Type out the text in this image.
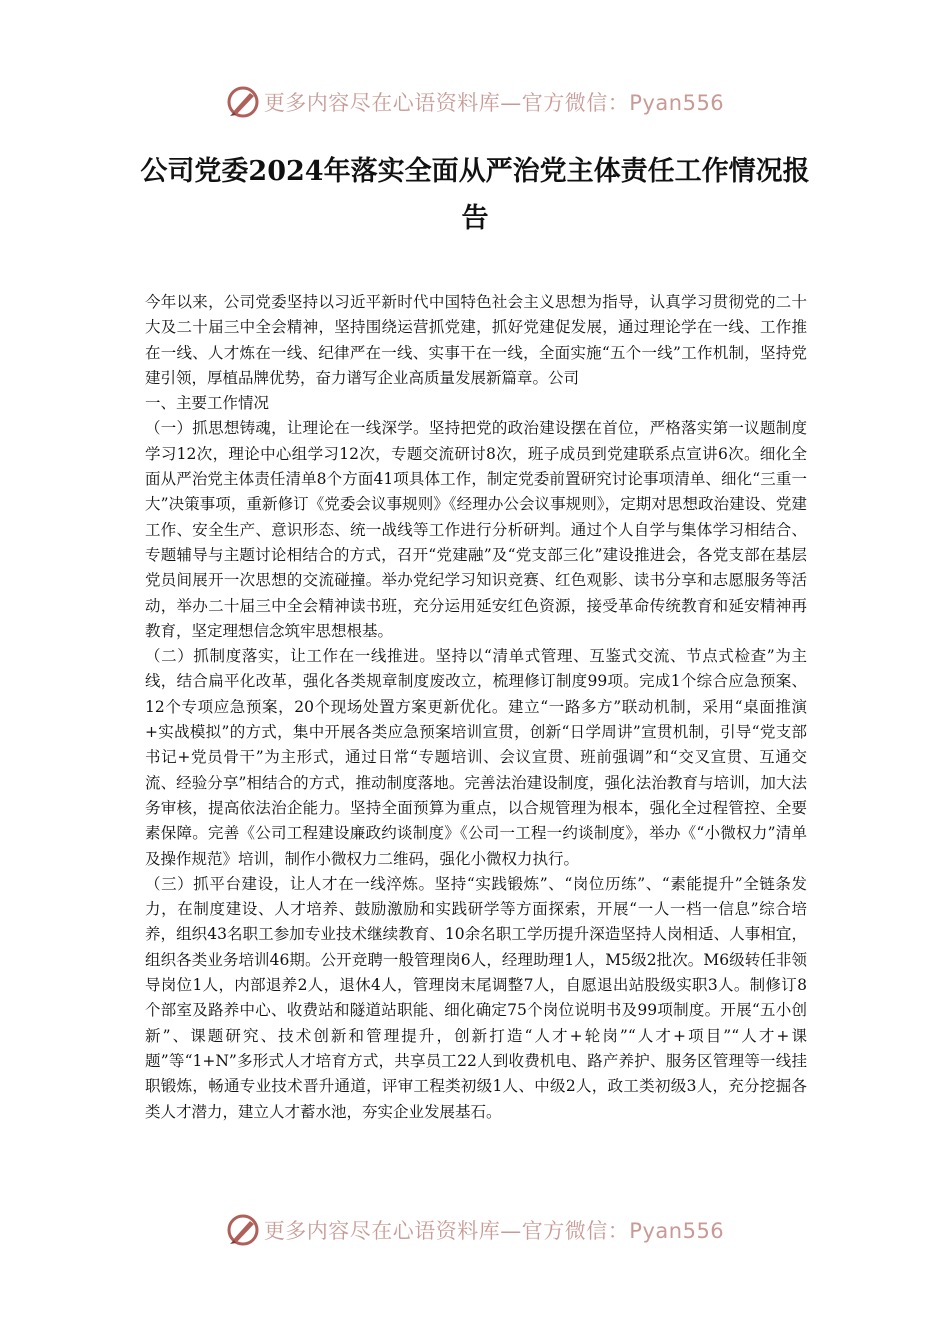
更多内容尽在心语资料库—官方微信：Pyan556
公司党委2024年落实全面从严治党主体责任工作情况报告

今年以来，公司党委坚持以习近平新时代中国特色社会主义思想为指导，认真学习贯彻党的二十大及二十届三中全会精神，坚持围绕运营抓党建，抓好党建促发展，通过理论学在一线、工作推在一线、人才炼在一线、纪律严在一线、实事干在一线，全面实施“五个一线”工作机制，坚持党建引领，厚植品牌优势，奋力谱写企业高质量发展新篇章。公司

一、主要工作情况

（一）抓思想铸魂，让理论在一线深学。坚持把党的政治建设摆在首位，严格落实第一议题制度学习12次，理论中心组学习12次，专题交流研讨8次，班子成员到党建联系点宣讲6次。细化全面从严治党主体责任清单8个方面41项具体工作，制定党委前置研究讨论事项清单、细化“三重一大”决策事项，重新修订《党委会议事规则》《经理办公会议事规则》，定期对思想政治建设、党建工作、安全生产、意识形态、统一战线等工作进行分析研判。通过个人自学与集体学习相结合、专题辅导与主题讨论相结合的方式，召开“党建融”及“党支部三化”建设推进会，各党支部在基层党员间展开一次思想的交流碰撞。举办党纪学习知识竞赛、红色观影、读书分享和志愿服务等活动，举办二十届三中全会精神读书班，充分运用延安红色资源，接受革命传统教育和延安精神再教育，坚定理想信念筑牢思想根基。

（二）抓制度落实，让工作在一线推进。坚持以“清单式管理、互鉴式交流、节点式检查”为主线，结合扁平化改革，强化各类规章制度废改立，梳理修订制度99项。完成1个综合应急预案、12个专项应急预案，20个现场处置方案更新优化。建立“一路多方”联动机制，采用“桌面推演+实战模拟”的方式，集中开展各类应急预案培训宣贯，创新“日学周讲”宣贯机制，引导“党支部书记+党员骨干”为主形式，通过日常“专题培训、会议宣贯、班前强调”和“交叉宣贯、互通交流、经验分享”相结合的方式，推动制度落地。完善法治建设制度，强化法治教育与培训，加大法务审核，提高依法治企能力。坚持全面预算为重点，以合规管理为根本，强化全过程管控、全要素保障。完善《公司工程建设廉政约谈制度》《公司一工程一约谈制度》，举办《“小微权力”清单及操作规范》培训，制作小微权力二维码，强化小微权力执行。

（三）抓平台建设，让人才在一线淬炼。坚持“实践锻炼”、“岗位历练”、“素能提升”全链条发力，在制度建设、人才培养、鼓励激励和实践研学等方面探索，开展“一人一档一信息”综合培养，组织43名职工参加专业技术继续教育、10余名职工学历提升深造坚持人岗相适、人事相宜，组织各类业务培训46期。公开竞聘一般管理岗6人，经理助理1人，M5级2批次。M6级转任非领导岗位1人，内部退养2人，退休4人，管理岗末尾调整7人，自愿退出站股级实职3人。制修订8个部室及路养中心、收费站和隧道站职能、细化确定75个岗位说明书及99项制度。开展“五小创新”、课题研究、技术创新和管理提升，创新打造“人才+轮岗”“人才+项目”“人才+课题”等“1+N”多形式人才培育方式，共享员工22人到收费机电、路产养护、服务区管理等一线挂职锻炼，畅通专业技术晋升通道，评审工程类初级1人、中级2人，政工类初级3人，充分挖掘各类人才潜力，建立人才蓄水池，夯实企业发展基石。

更多内容尽在心语资料库—官方微信：Pyan556
